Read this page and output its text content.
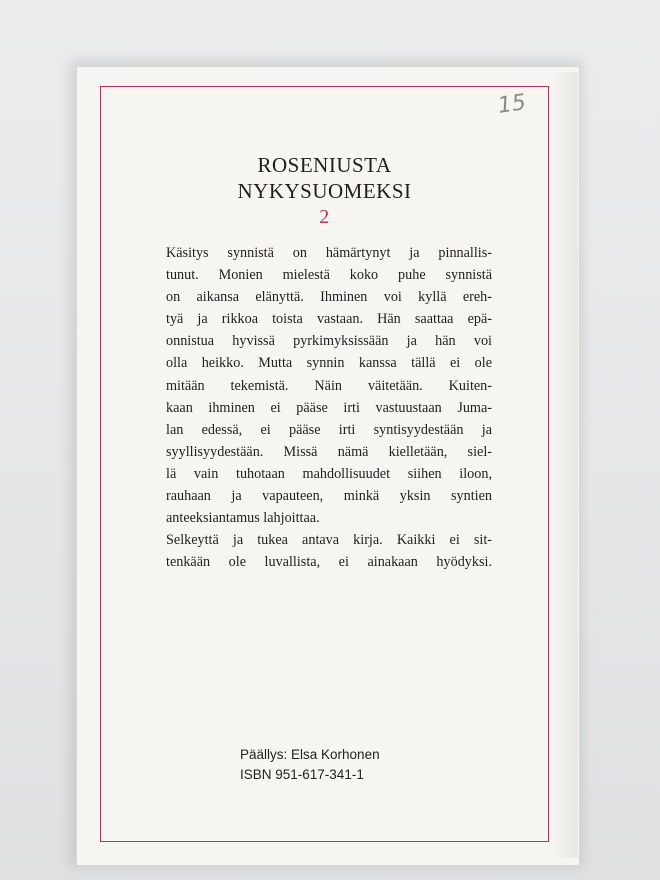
15
ROSENIUSTA
NYKYSUOMEKSI
2
Käsitys synnistä on hämärtynyt ja pinnallis-
tunut. Monien mielestä koko puhe synnistä
on aikansa elänyttä. Ihminen voi kyllä ereh-
tyä ja rikkoa toista vastaan. Hän saattaa epä-
onnistua hyvissä pyrkimyksissään ja hän voi
olla heikko. Mutta synnin kanssa tällä ei ole
mitään tekemistä. Näin väitetään. Kuiten-
kaan ihminen ei pääse irti vastuustaan Juma-
lan edessä, ei pääse irti syntisyydestään ja
syyllisyydestään. Missä nämä kielletään, siel-
lä vain tuhotaan mahdollisuudet siihen iloon,
rauhaan ja vapauteen, minkä yksin syntien
anteeksiantamus lahjoittaa.
Selkeyttä ja tukea antava kirja. Kaikki ei sit-
tenkään ole luvallista, ei ainakaan hyödyksi.
Päällys: Elsa Korhonen
ISBN 951-617-341-1
